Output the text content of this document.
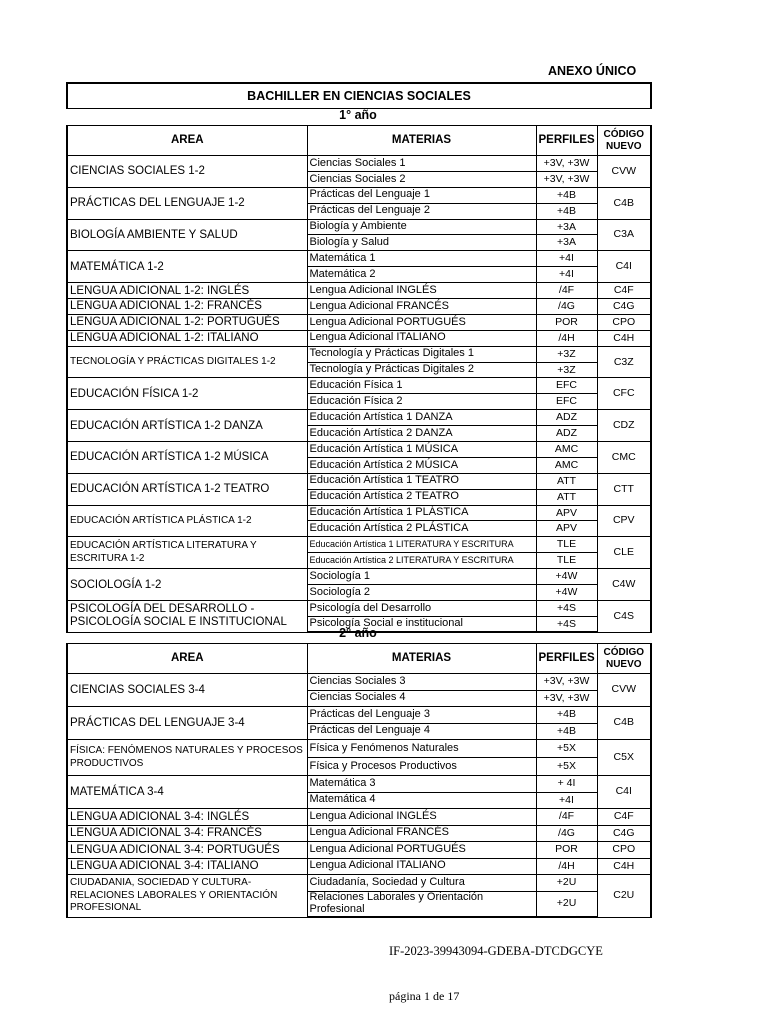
ANEXO ÚNICO
BACHILLER EN CIENCIAS SOCIALES
1° año
AREA	MATERIAS	PERFILES	CÓDIGO NUEVO
CIENCIAS SOCIALES 1-2	Ciencias Sociales 1	+3V, +3W	CVW
	Ciencias Sociales 2	+3V, +3W	
PRÁCTICAS DEL LENGUAJE 1-2	Prácticas del Lenguaje 1	+4B	C4B
	Prácticas del Lenguaje 2	+4B	
BIOLOGÍA AMBIENTE Y SALUD	Biología y Ambiente	+3A	C3A
	Biología y Salud	+3A	
MATEMÁTICA 1-2	Matemática 1	+4I	C4I
	Matemática 2	+4I	
LENGUA ADICIONAL 1-2: INGLÉS	Lengua Adicional INGLÉS	/4F	C4F
LENGUA ADICIONAL 1-2: FRANCÉS	Lengua Adicional FRANCÉS	/4G	C4G
LENGUA ADICIONAL 1-2: PORTUGUÉS	Lengua Adicional PORTUGUÉS	POR	CPO
LENGUA ADICIONAL 1-2: ITALIANO	Lengua Adicional ITALIANO	/4H	C4H
TECNOLOGÍA Y PRÁCTICAS DIGITALES 1-2	Tecnología y Prácticas Digitales 1	+3Z	C3Z
	Tecnología y Prácticas Digitales 2	+3Z	
EDUCACIÓN FÍSICA 1-2	Educación Física 1	EFC	CFC
	Educación Física 2	EFC	
EDUCACIÓN ARTÍSTICA 1-2 DANZA	Educación Artística 1 DANZA	ADZ	CDZ
	Educación Artística 2 DANZA	ADZ	
EDUCACIÓN ARTÍSTICA 1-2 MÚSICA	Educación Artística 1 MÚSICA	AMC	CMC
	Educación Artística 2 MÚSICA	AMC	
EDUCACIÓN ARTÍSTICA 1-2 TEATRO	Educación Artística 1 TEATRO	ATT	CTT
	Educación Artística 2 TEATRO	ATT	
EDUCACIÓN ARTÍSTICA PLÁSTICA 1-2	Educación Artística 1 PLÁSTICA	APV	CPV
	Educación Artística 2 PLÁSTICA	APV	
EDUCACIÓN ARTÍSTICA LITERATURA Y ESCRITURA 1-2	Educación Artística 1 LITERATURA Y ESCRITURA	TLE	CLE
	Educación Artística 2 LITERATURA Y ESCRITURA	TLE	
SOCIOLOGÍA 1-2	Sociología 1	+4W	C4W
	Sociología 2	+4W	
PSICOLOGÍA DEL DESARROLLO - PSICOLOGÍA SOCIAL E INSTITUCIONAL	Psicología del Desarrollo	+4S	C4S
	Psicología Social e institucional	+4S	
2° año
AREA	MATERIAS	PERFILES	CÓDIGO NUEVO
CIENCIAS SOCIALES 3-4	Ciencias Sociales 3	+3V, +3W	CVW
	Ciencias Sociales 4	+3V, +3W	
PRÁCTICAS DEL LENGUAJE 3-4	Prácticas del Lenguaje 3	+4B	C4B
	Prácticas del Lenguaje 4	+4B	
FÍSICA: FENÓMENOS NATURALES Y PROCESOS PRODUCTIVOS	Física y Fenómenos Naturales	+5X	C5X
	Física y Procesos Productivos	+5X	
MATEMÁTICA 3-4	Matemática 3	+ 4I	C4I
	Matemática 4	+4I	
LENGUA ADICIONAL 3-4: INGLÉS	Lengua Adicional INGLÉS	/4F	C4F
LENGUA ADICIONAL 3-4: FRANCÉS	Lengua Adicional FRANCÉS	/4G	C4G
LENGUA ADICIONAL 3-4: PORTUGUÉS	Lengua Adicional PORTUGUÉS	POR	CPO
LENGUA ADICIONAL 3-4: ITALIANO	Lengua Adicional ITALIANO	/4H	C4H
CIUDADANIA, SOCIEDAD Y CULTURA-RELACIONES LABORALES Y ORIENTACIÓN PROFESIONAL	Ciudadanía, Sociedad y Cultura	+2U	C2U
	Relaciones Laborales y Orientación Profesional	+2U	
IF-2023-39943094-GDEBA-DTCDGCYE
página 1 de 17
